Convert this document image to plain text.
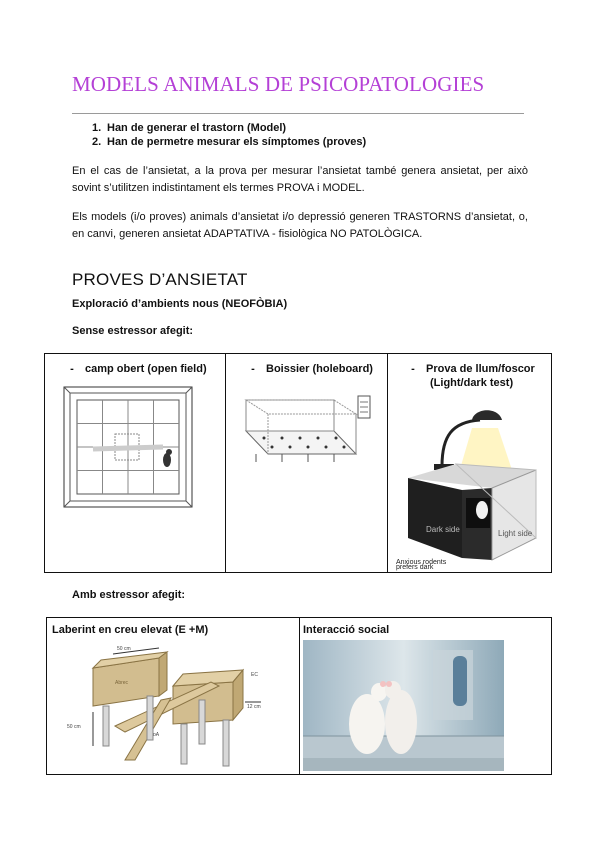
MODELS ANIMALS DE PSICOPATOLOGIES
1. Han de generar el trastorn (Model)
2. Han de permetre mesurar els símptomes (proves)
En el cas de l’ansietat, a la prova per mesurar l’ansietat també genera ansietat, per això sovint s’utilitzen indistintament els termes PROVA i MODEL.
Els models (i/o proves) animals d’ansietat i/o depressió generen TRASTORNS d’ansietat, o, en canvi, generen ansietat ADAPTATIVA - fisiològica NO PATOLÒGICA.
PROVES D’ANSIETAT
Exploració d’ambients nous (NEOFÒBIA)
Sense estressor afegit:
- camp obert (open field)	- Boissier (holeboard)	- Prova de llum/foscor
(Light/dark test)
Dark side	Light side
Anxious rodents
prefers dark
Amb estressor afegit:
Laberint en creu elevat (E +M)
50 cm
50 cm
12 cm
Abrec
oA
EC

Interacció social
